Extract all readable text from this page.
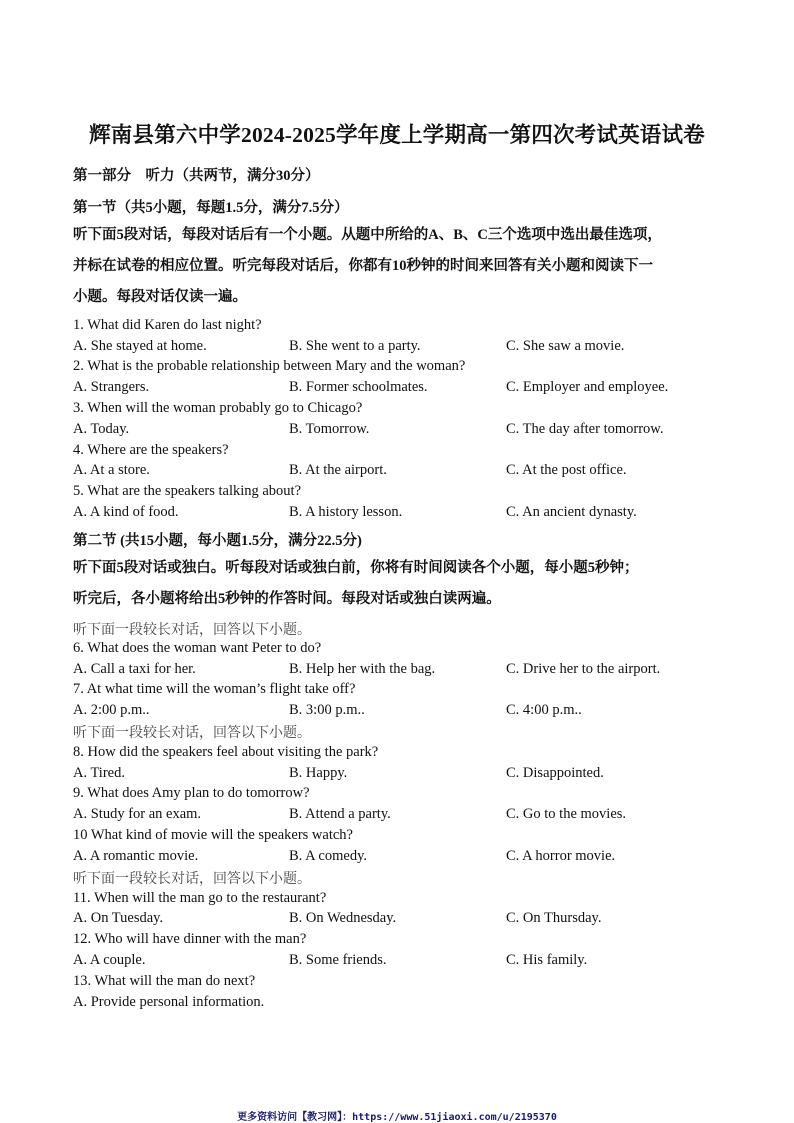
辉南县第六中学2024-2025学年度上学期高一第四次考试英语试卷
第一部分　听力（共两节，满分30分）
第一节（共5小题，每题1.5分，满分7.5分）
听下面5段对话，每段对话后有一个小题。从题中所给的A、B、C三个选项中选出最佳选项，
并标在试卷的相应位置。听完每段对话后，你都有10秒钟的时间来回答有关小题和阅读下一
小题。每段对话仅读一遍。
1. What did Karen do last night?
A. She stayed at home.	B. She went to a party.	C. She saw a movie.
2. What is the probable relationship between Mary and the woman?
A. Strangers.	B. Former schoolmates.	C. Employer and employee.
3. When will the woman probably go to Chicago?
A. Today.	B. Tomorrow.	C. The day after tomorrow.
4. Where are the speakers?
A. At a store.	B. At the airport.	C. At the post office.
5. What are the speakers talking about?
A. A kind of food.	B. A history lesson.	C. An ancient dynasty.
第二节 (共15小题，每小题1.5分，满分22.5分)
听下面5段对话或独白。听每段对话或独白前，你将有时间阅读各个小题，每小题5秒钟；
听完后，各小题将给出5秒钟的作答时间。每段对话或独白读两遍。
听下面一段较长对话，回答以下小题。
6. What does the woman want Peter to do?
A. Call a taxi for her.	B. Help her with the bag.	C. Drive her to the airport.
7. At what time will the woman’s flight take off?
A. 2:00 p.m..	B. 3:00 p.m..	C. 4:00 p.m..
听下面一段较长对话，回答以下小题。
8. How did the speakers feel about visiting the park?
A. Tired.	B. Happy.	C. Disappointed.
9. What does Amy plan to do tomorrow?
A. Study for an exam.	B. Attend a party.	C. Go to the movies.
10 What kind of movie will the speakers watch?
A. A romantic movie.	B. A comedy.	C. A horror movie.
听下面一段较长对话，回答以下小题。
11. When will the man go to the restaurant?
A. On Tuesday.	B. On Wednesday.	C. On Thursday.
12. Who will have dinner with the man?
A. A couple.	B. Some friends.	C. His family.
13. What will the man do next?
A. Provide personal information.
更多资料访问【教习网】：https://www.51jiaoxi.com/u/2195370
